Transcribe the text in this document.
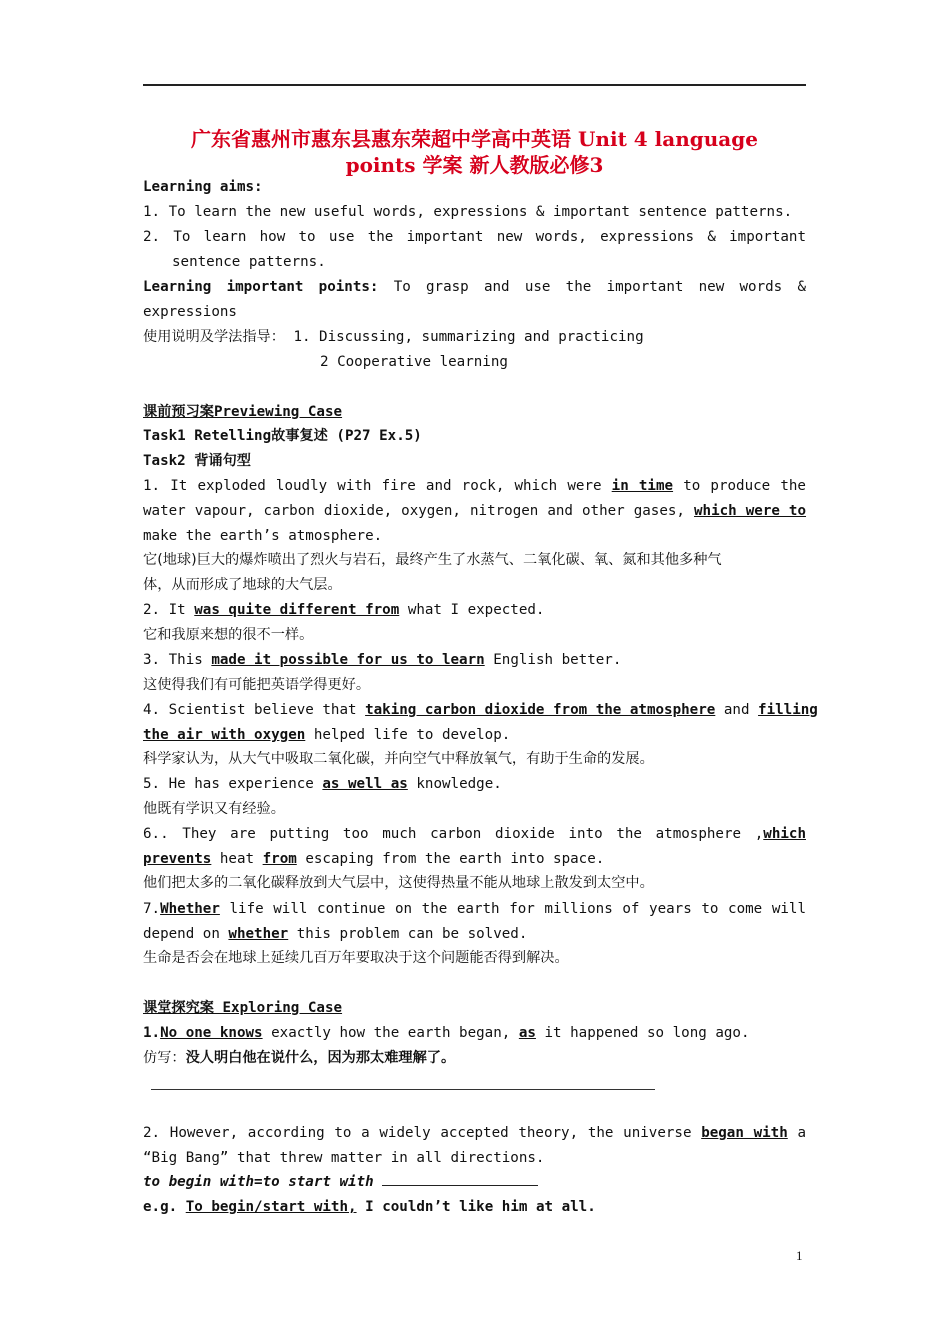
广东省惠州市惠东县惠东荣超中学高中英语 Unit 4 language
points 学案 新人教版必修3
Learning aims:
1. To learn the new useful words, expressions & important sentence patterns.
2. To learn how to use the important new words, expressions & important
sentence patterns.
Learning important points: To grasp and use the important new words &
expressions
使用说明及学法指导： 1. Discussing, summarizing and practicing
2 Cooperative learning
课前预习案Previewing Case
Task1 Retelling故事复述 (P27 Ex.5)
Task2 背诵句型
1. It exploded loudly with fire and rock, which were in time to produce the
water vapour, carbon dioxide, oxygen, nitrogen and other gases, which were to
make the earth’s atmosphere.
它(地球)巨大的爆炸喷出了烈火与岩石，最终产生了水蒸气、二氧化碳、氧、氮和其他多种气
体，从而形成了地球的大气层。
2. It was quite different from what I expected.
它和我原来想的很不一样。
3. This made it possible for us to learn English better.
这使得我们有可能把英语学得更好。
4. Scientist believe that taking carbon dioxide from the atmosphere and filling
the air with oxygen helped life to develop.
科学家认为，从大气中吸取二氧化碳，并向空气中释放氧气，有助于生命的发展。
5. He has experience as well as knowledge.
他既有学识又有经验。
6.. They are putting too much carbon dioxide into the atmosphere ,which
prevents heat from escaping from the earth into space.
他们把太多的二氧化碳释放到大气层中，这使得热量不能从地球上散发到太空中。
7.Whether life will continue on the earth for millions of years to come will
depend on whether this problem can be solved.
生命是否会在地球上延续几百万年要取决于这个问题能否得到解决。
课堂探究案 Exploring Case
1.No one knows exactly how the earth began, as it happened so long ago.
仿写：没人明白他在说什么，因为那太难理解了。
2. However, according to a widely accepted theory, the universe began with a
“Big Bang” that threw matter in all directions.
to begin with=to start with
e.g. To begin/start with, I couldn’t like him at all.
1
